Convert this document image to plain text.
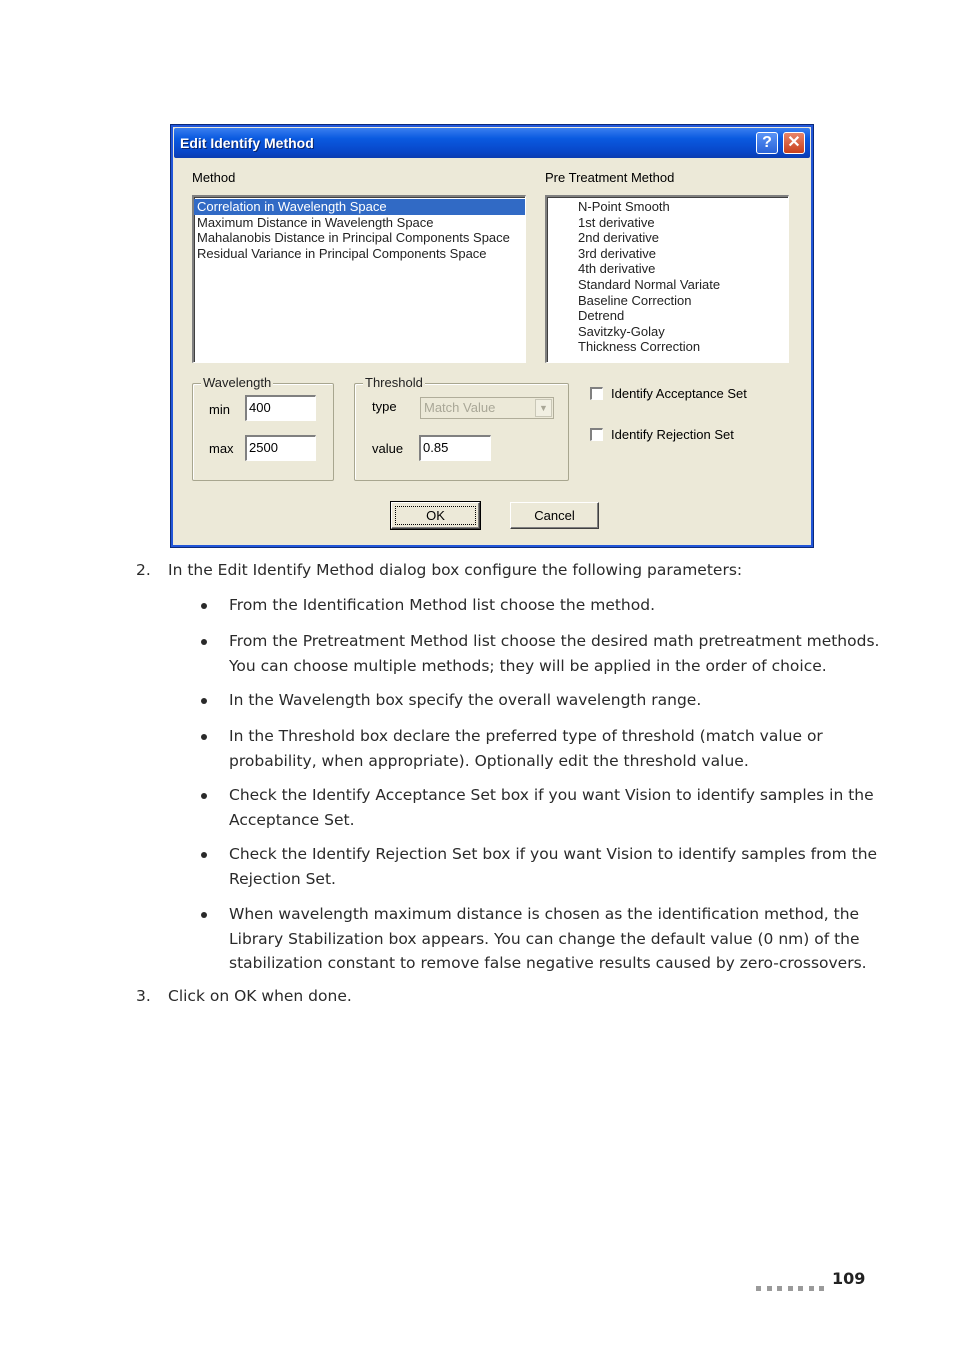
Edit Identify Method	? ✕
Method
Correlation in Wavelength Space
Maximum Distance in Wavelength Space
Mahalanobis Distance in Principal Components Space
Residual Variance in Principal Components Space
Pre Treatment Method
N-Point Smooth
1st derivative
2nd derivative
3rd derivative
4th derivative
Standard Normal Variate
Baseline Correction
Detrend
Savitzky-Golay
Thickness Correction
Wavelength
min	400
max	2500
Threshold
type	Match Value	▼
value	0.85
Identify Acceptance Set
Identify Rejection Set
OK	Cancel
2. In the Edit Identify Method dialog box configure the following parameters:
From the Identification Method list choose the method.
From the Pretreatment Method list choose the desired math pretreatment methods.
You can choose multiple methods; they will be applied in the order of choice.
In the Wavelength box specify the overall wavelength range.
In the Threshold box declare the preferred type of threshold (match value or
probability, when appropriate). Optionally edit the threshold value.
Check the Identify Acceptance Set box if you want Vision to identify samples in the
Acceptance Set.
Check the Identify Rejection Set box if you want Vision to identify samples from the
Rejection Set.
When wavelength maximum distance is chosen as the identification method, the
Library Stabilization box appears. You can change the default value (0 nm) of the
stabilization constant to remove false negative results caused by zero-crossovers.
3. Click on OK when done.
109
